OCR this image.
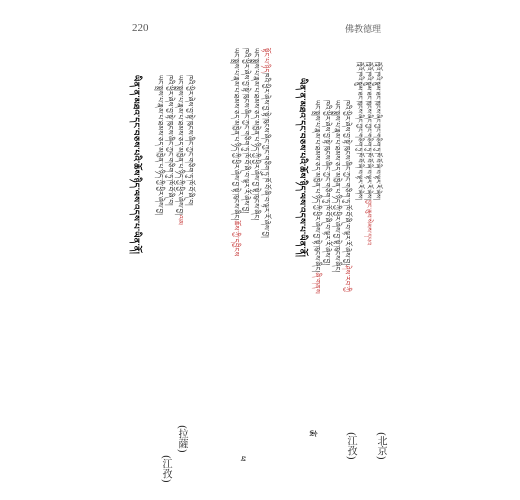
220	佛教德理
(北京)
ཁཱོའོ་ཁའི་སྣུམ་ཐང་ཁུངས་ཞིང་ཀྱང་གཅིག་ཏུ་ཁོ་བོ་ཞི་བ་ལྟར་རོ་ཞེས།
ཁཱོའོ་ཁའི་སྣུམ་ཐང་ཁུངས་ཞིང་ཀྱང་གཅིག་ཏུ་ཁོ་བོ་ཞི་བ་ལྟར་རོ་ཞེས།བྱང་ཆུབ་སེམས་དཔའ
ཁཱོའོ་ཁའི་སྣུམ་ཐང་ཁུངས་ཞིང་ཀྱང་གཅིག་ཏུ་ཁོ་བོ་ཞི་བ་ལྟར་རོ་ཞེས།
(江孜)
ཁའི་ཕྱིར་ཞེས་བྱ་སྟེ་ཁུངས་ཞིང་ཀྱང་གཅིག་ཏུ་ཁོ་བོ་ཞི་བ་ལྟར་རོ་ཞེས་བྱ།ཤེས་རབ་ཀྱི
ཡང་སྨྲས་པ་རྣམ་པ་ཐམས་ཅད་མཁྱེན་པ་ཉིད་ཀྱི་ཕྱིར་ཞེས་བྱ་སྟེ་ཁུངས་ཞིང།
ཁའི་ཕྱིར་ཞེས་བྱ་སྟེ་ཁུངས་ཞིང་ཀྱང་གཅིག་ཏུ་ཁོ་བོ་ཞི་བ་ལྟར་རོ་ཞེས་བྱ།
ཡང་སྨྲས་པ་རྣམ་པ་ཐམས་ཅད་མཁྱེན་པ་ཉིད་ཀྱི་ཕྱིར་ཞེས་བྱ་སྟེ་ཁུངས་ཞིང།ཞི་གནས
ཡིན་ན་མཐའ་དང་བཅས་པའི་ཆོས་ཉིད་ལས་འདས་པ་ཡིན་ནོ།
ༀ
སྟོང་པ་ཉིདཁའི་ཕྱིར་ཞེས་བྱ་སྟེ་ཁུངས་ཞིང་ཀྱང་གཅིག་ཏུ་ཁོ་བོ་ཞི་བ་ལྟར་རོ་ཞེས་བྱ།
ཡང་སྨྲས་པ་རྣམ་པ་ཐམས་ཅད་མཁྱེན་པ་ཉིད་ཀྱི་ཕྱིར་ཞེས་བྱ་སྟེ་ཁུངས་ཞིང།
ཁའི་ཕྱིར་ཞེས་བྱ་སྟེ་ཁུངས་ཞིང་ཀྱང་གཅིག་ཏུ་ཁོ་བོ་ཞི་བ་ལྟར་རོ་ཞེས་བྱ།
ཡང་སྨྲས་པ་རྣམ་པ་ཐམས་ཅད་མཁྱེན་པ་ཉིད་ཀྱི་ཕྱིར་ཞེས་བྱ་སྟེ་ཁུངས་ཞིང།ཆོས་ཀྱི་དབྱིངས
ཕ
ཡིན་ན་མཐའ་དང་བཅས་པའི་ཆོས་ཉིད་ལས་འདས་པ་ཡིན་ནོ།	ཁའི་ཕྱིར་ཞེས་བྱ་སྟེ་ཁུངས་ཞིང་ཀྱང་གཅིག་ཏུ་ཁོ་བོ་ཞི་བ།
ཡང་སྨྲས་པ་རྣམ་པ་ཐམས་ཅད་མཁྱེན་པ་ཉིད་ཀྱི་ཕྱིར་ཞེས་བྱ།ལམ
ཁའི་ཕྱིར་ཞེས་བྱ་སྟེ་ཁུངས་ཞིང་ཀྱང་གཅིག་ཏུ་ཁོ་བོ་ཞི་བ།
ཡང་སྨྲས་པ་རྣམ་པ་ཐམས་ཅད་མཁྱེན་པ་ཉིད་ཀྱི་ཕྱིར་ཞེས་བྱ།
(拉薩)
(江孜)
